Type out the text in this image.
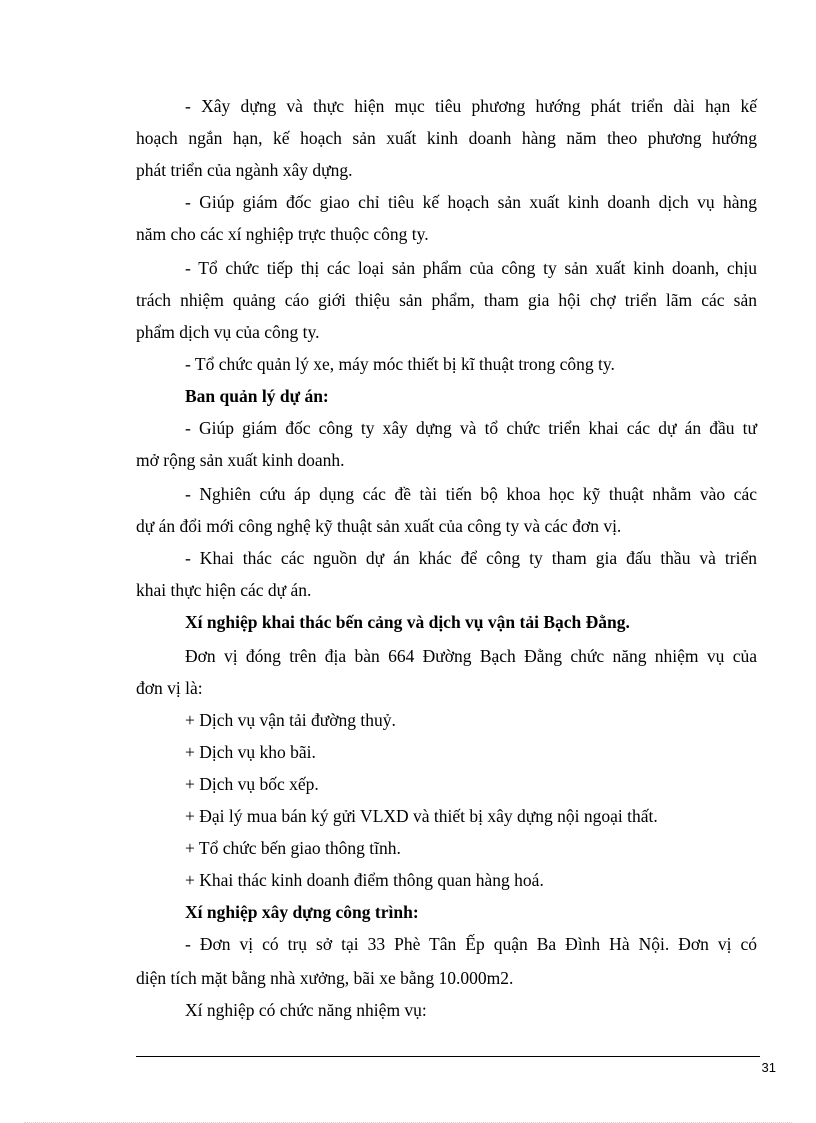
- Xây dựng và thực hiện mục tiêu phương hướng phát triển dài hạn kế

hoạch ngắn hạn, kế hoạch sản xuất kinh doanh hàng năm theo phương hướng

phát triển của ngành xây dựng.

- Giúp giám đốc giao chỉ tiêu kế hoạch sản xuất kinh doanh dịch vụ hàng

năm cho các xí nghiệp trực thuộc công ty.

- Tổ chức tiếp thị các loại sản phẩm của công ty sản xuất kinh doanh, chịu

trách nhiệm quảng cáo giới thiệu sản phẩm, tham gia hội chợ triển lãm các sản

phẩm dịch vụ của công ty.

- Tổ chức quản lý xe, máy móc thiết bị kĩ thuật trong công ty.

Ban quản lý dự án:

- Giúp giám đốc công ty xây dựng và tổ chức triển khai các dự án đầu tư

mở rộng sản xuất kinh doanh.

- Nghiên cứu áp dụng các đề tài tiến bộ khoa học kỹ thuật nhằm vào các

dự án đổi mới công nghệ kỹ thuật sản xuất của công ty và các đơn vị.

- Khai thác các nguồn dự án khác để công ty tham gia đấu thầu và triển

khai thực hiện các dự án.

Xí nghiệp khai thác bến cảng và dịch vụ vận tải Bạch Đằng.

Đơn vị đóng trên địa bàn 664 Đường Bạch Đằng chức năng nhiệm vụ của

đơn vị là:

+ Dịch vụ vận tải đường thuỷ.

+ Dịch vụ kho bãi.

+ Dịch vụ bốc xếp.

+ Đại lý mua bán ký gửi VLXD và thiết bị xây dựng nội ngoại thất.

+ Tổ chức bến giao thông tĩnh.

+ Khai thác kinh doanh điểm thông quan hàng hoá.

Xí nghiệp xây dựng công trình:

- Đơn vị có trụ sở tại 33 Phè Tân Ếp quận Ba Đình Hà Nội. Đơn vị có

diện tích mặt bằng nhà xưởng, bãi xe bằng 10.000m2.

Xí nghiệp có chức năng nhiệm vụ:

31
